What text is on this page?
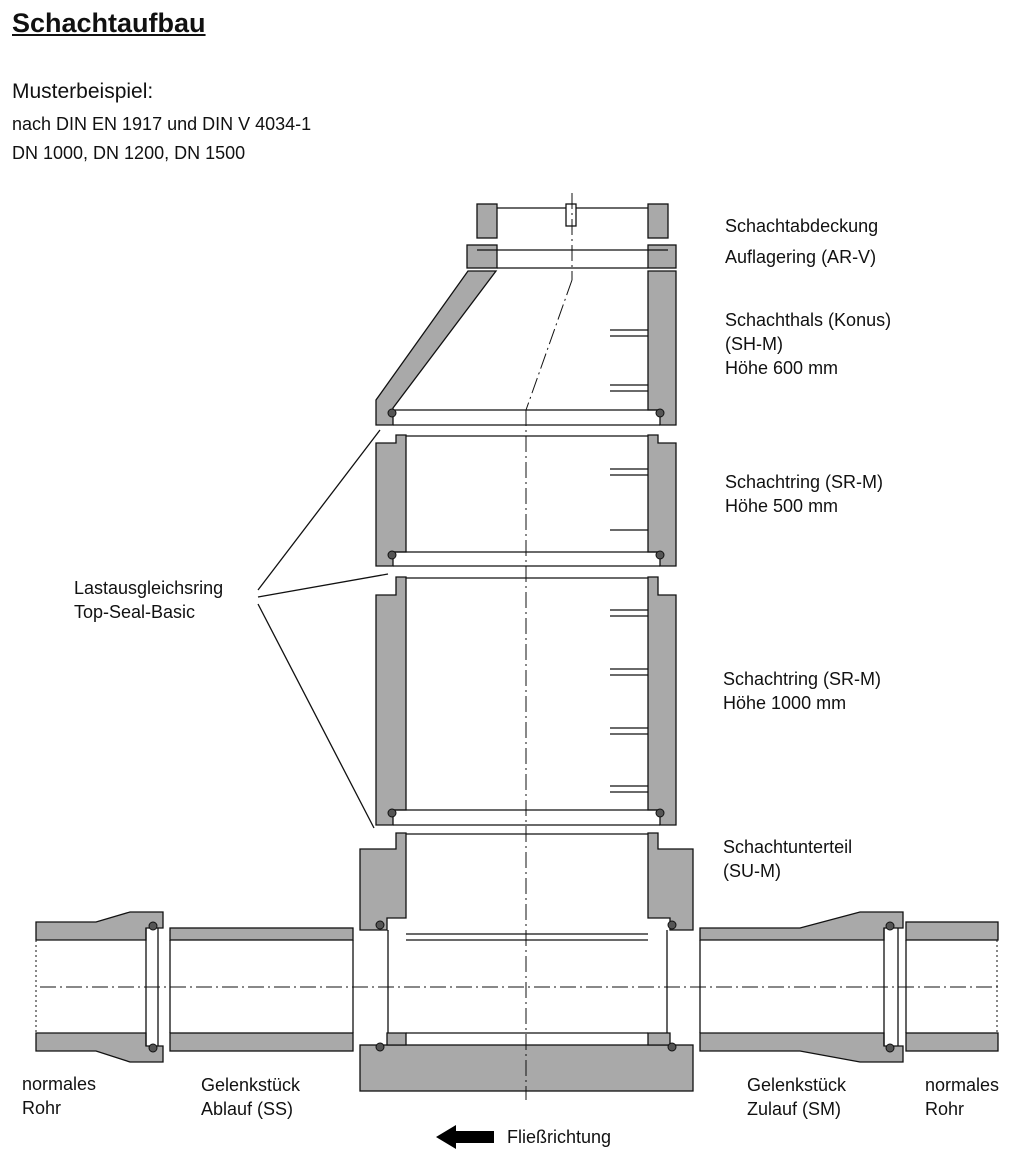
Schachtaufbau
Musterbeispiel:
nach DIN EN 1917 und DIN V 4034-1
DN 1000, DN 1200, DN 1500
Schachtabdeckung
Auflagering (AR-V)
Schachthals (Konus)
(SH-M)
Höhe 600 mm
Schachtring (SR-M)
Höhe 500 mm
Schachtring (SR-M)
Höhe 1000 mm
Schachtunterteil
(SU-M)
Lastausgleichsring
Top-Seal-Basic
normales
Rohr
Gelenkstück
Ablauf (SS)
Gelenkstück
Zulauf (SM)
normales
Rohr
Fließrichtung
